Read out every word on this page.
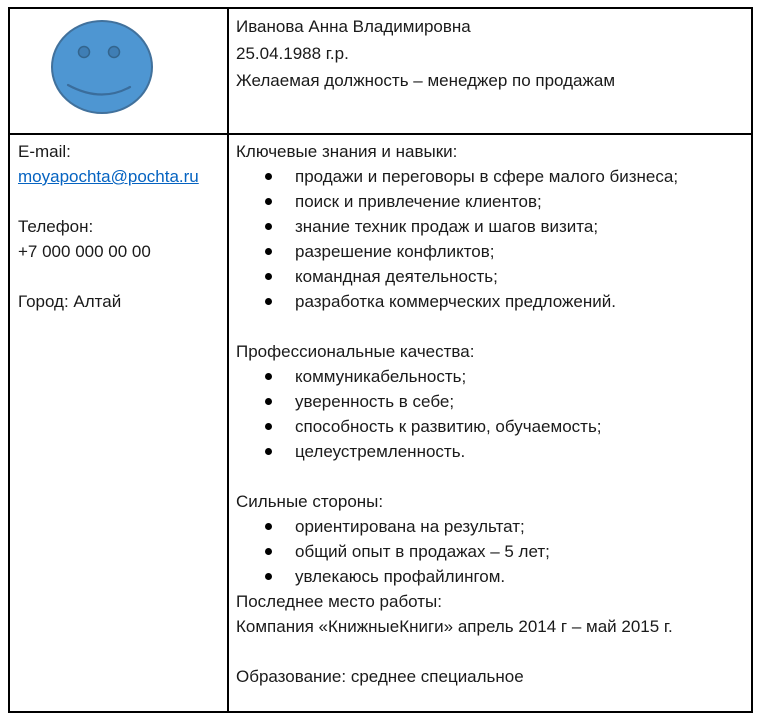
Иванова Анна Владимировна
25.04.1988 г.р.
Желаемая должность – менеджер по продажам
E-mail:
moyapochta@pochta.ru
Телефон:
+7 000 000 00 00
Город: Алтай
Ключевые знания и навыки:
продажи и переговоры в сфере малого бизнеса;
поиск и привлечение клиентов;
знание техник продаж и шагов визита;
разрешение конфликтов;
командная деятельность;
разработка коммерческих предложений.
Профессиональные качества:
коммуникабельность;
уверенность в себе;
способность к развитию, обучаемость;
целеустремленность.
Сильные стороны:
ориентирована на результат;
общий опыт в продажах – 5 лет;
увлекаюсь профайлингом.
Последнее место работы:
Компания «КнижныеКниги» апрель 2014 г – май 2015 г.
Образование: среднее специальное
